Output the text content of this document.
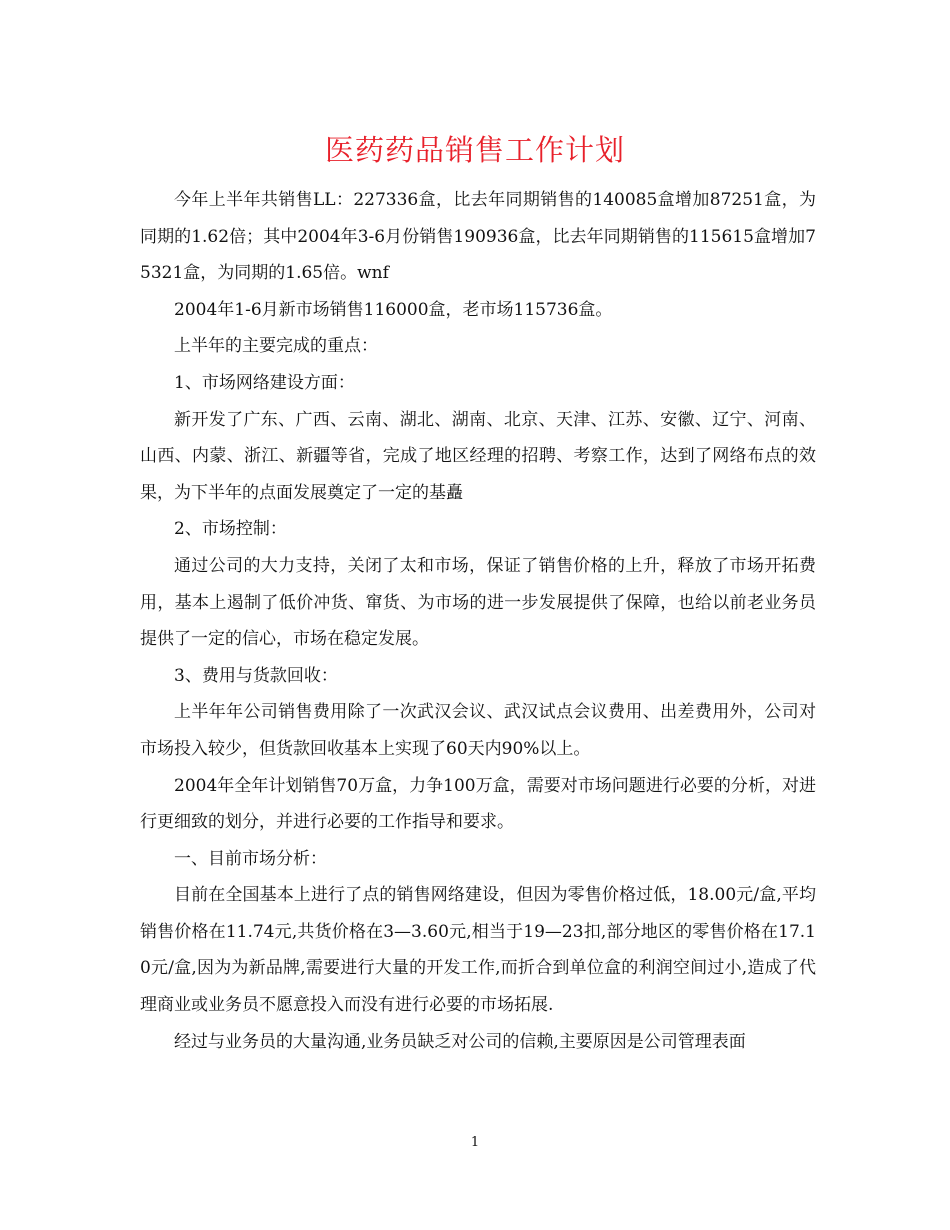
医药药品销售工作计划

今年上半年共销售LL：227336盒，比去年同期销售的140085盒增加87251盒，为同期的1.62倍；其中2004年3-6月份销售190936盒，比去年同期销售的115615盒增加75321盒，为同期的1.65倍。wnf

2004年1-6月新市场销售116000盒，老市场115736盒。

上半年的主要完成的重点：

1、市场网络建设方面：

新开发了广东、广西、云南、湖北、湖南、北京、天津、江苏、安徽、辽宁、河南、山西、内蒙、浙江、新疆等省，完成了地区经理的招聘、考察工作，达到了网络布点的效果，为下半年的点面发展奠定了一定的基矗

2、市场控制：

通过公司的大力支持，关闭了太和市场，保证了销售价格的上升，释放了市场开拓费用，基本上遏制了低价冲货、窜货、为市场的进一步发展提供了保障，也给以前老业务员提供了一定的信心，市场在稳定发展。

3、费用与货款回收：

上半年年公司销售费用除了一次武汉会议、武汉试点会议费用、出差费用外，公司对市场投入较少，但货款回收基本上实现了60天内90%以上。

2004年全年计划销售70万盒，力争100万盒，需要对市场问题进行必要的分析，对进行更细致的划分，并进行必要的工作指导和要求。

一、目前市场分析：

目前在全国基本上进行了点的销售网络建设，但因为零售价格过低，18.00元/盒,平均销售价格在11.74元,共货价格在3—3.60元,相当于19—23扣,部分地区的零售价格在17.10元/盒,因为为新品牌,需要进行大量的开发工作,而折合到单位盒的利润空间过小,造成了代理商业或业务员不愿意投入而没有进行必要的市场拓展.

经过与业务员的大量沟通,业务员缺乏对公司的信赖,主要原因是公司管理表面

1
